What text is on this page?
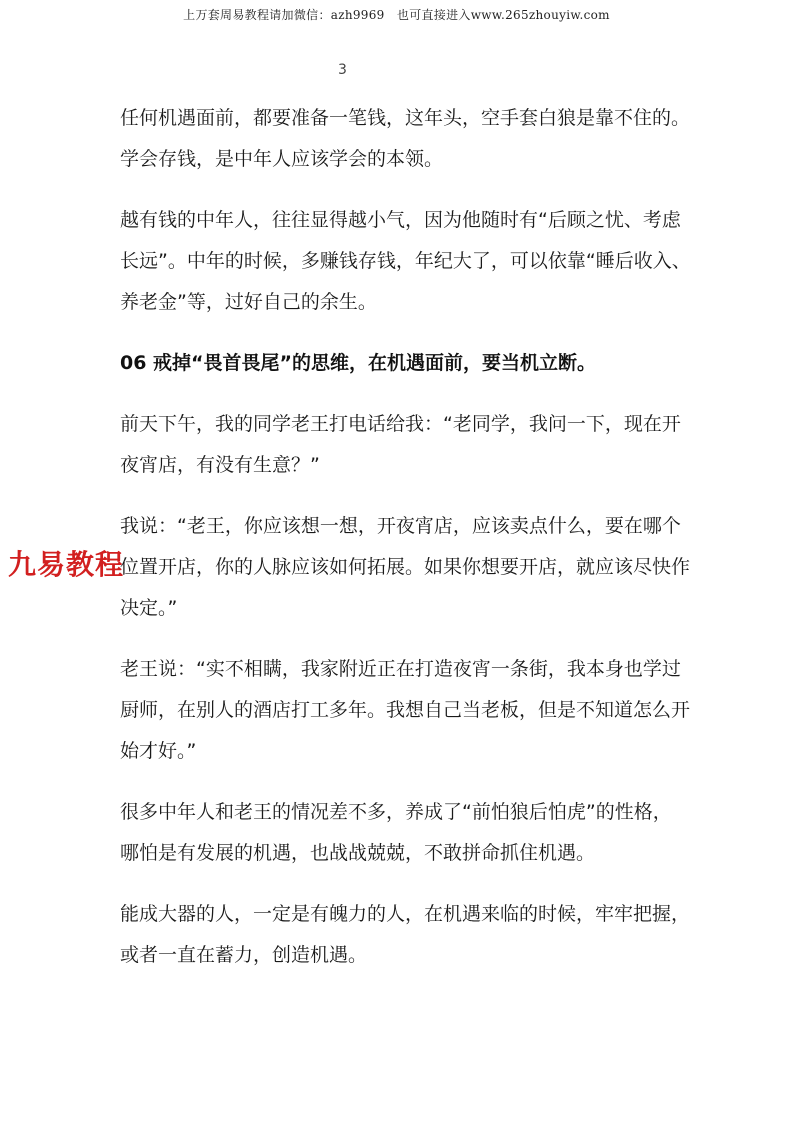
上万套周易教程请加微信：azh9969　也可直接进入www.265zhouyiw.com
3
任何机遇面前，都要准备一笔钱，这年头，空手套白狼是靠不住的。
学会存钱，是中年人应该学会的本领。
越有钱的中年人，往往显得越小气，因为他随时有“后顾之忧、考虑
长远”。中年的时候，多赚钱存钱，年纪大了，可以依靠“睡后收入、
养老金”等，过好自己的余生。
06 戒掉“畏首畏尾”的思维，在机遇面前，要当机立断。
前天下午，我的同学老王打电话给我：“老同学，我问一下，现在开
夜宵店，有没有生意？”
我说：“老王，你应该想一想，开夜宵店，应该卖点什么，要在哪个
位置开店，你的人脉应该如何拓展。如果你想要开店，就应该尽快作
决定。”
老王说：“实不相瞒，我家附近正在打造夜宵一条街，我本身也学过
厨师，在别人的酒店打工多年。我想自己当老板，但是不知道怎么开
始才好。”
很多中年人和老王的情况差不多，养成了“前怕狼后怕虎”的性格，
哪怕是有发展的机遇，也战战兢兢，不敢拼命抓住机遇。
能成大器的人，一定是有魄力的人，在机遇来临的时候，牢牢把握，
或者一直在蓄力，创造机遇。
九易教程
